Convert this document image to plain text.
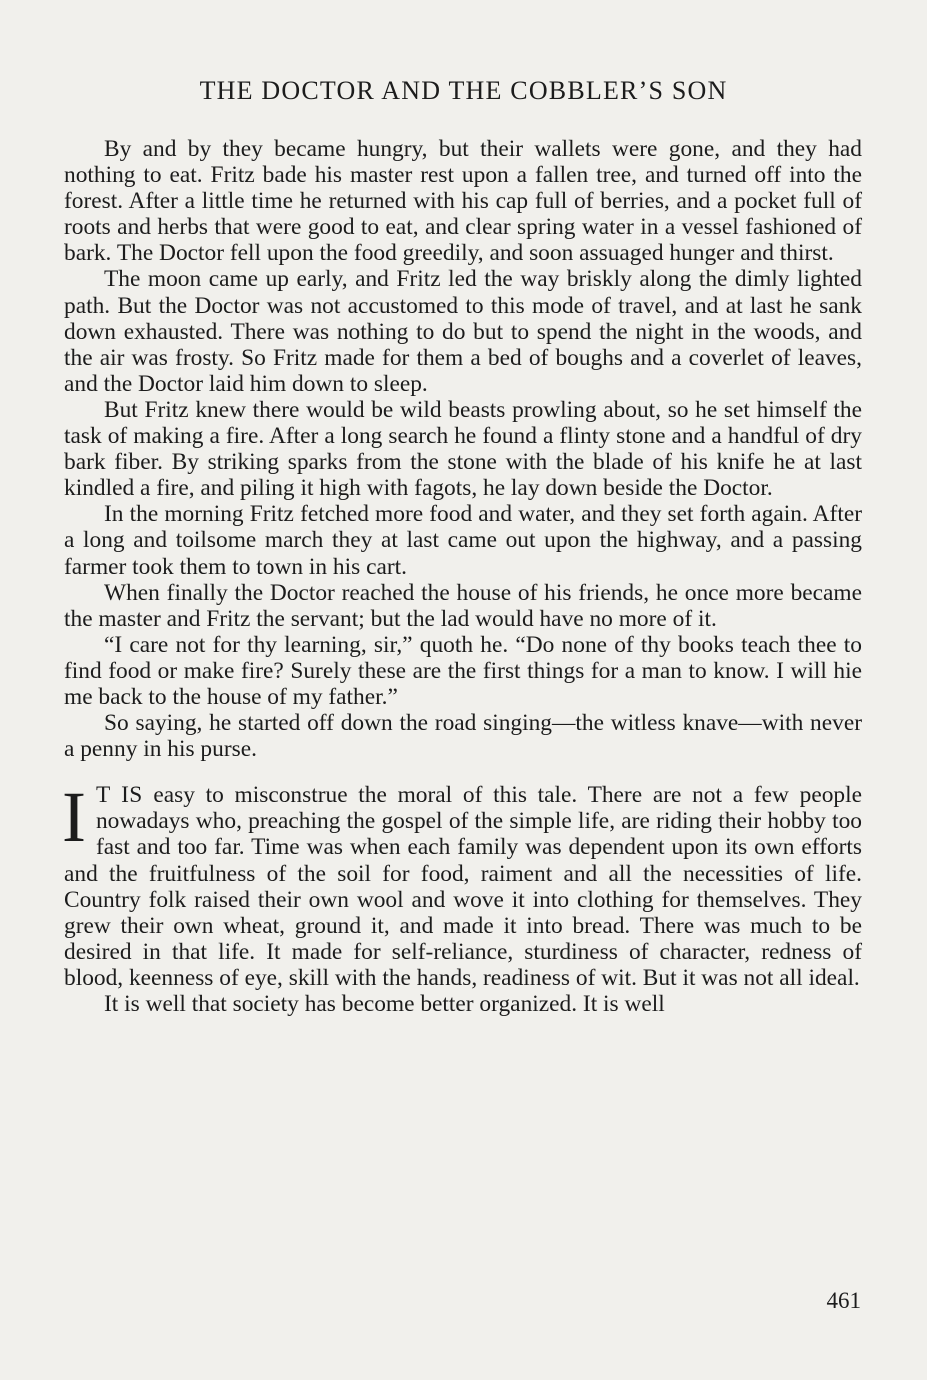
THE DOCTOR AND THE COBBLER’S SON

By and by they became hungry, but their wallets were gone, and they had nothing to eat. Fritz bade his master rest upon a fallen tree, and turned off into the forest. After a little time he returned with his cap full of berries, and a pocket full of roots and herbs that were good to eat, and clear spring water in a vessel fashioned of bark. The Doctor fell upon the food greedily, and soon assuaged hunger and thirst.

The moon came up early, and Fritz led the way briskly along the dimly lighted path. But the Doctor was not accustomed to this mode of travel, and at last he sank down exhausted. There was nothing to do but to spend the night in the woods, and the air was frosty. So Fritz made for them a bed of boughs and a coverlet of leaves, and the Doctor laid him down to sleep.

But Fritz knew there would be wild beasts prowling about, so he set himself the task of making a fire. After a long search he found a flinty stone and a handful of dry bark fiber. By striking sparks from the stone with the blade of his knife he at last kindled a fire, and piling it high with fagots, he lay down beside the Doctor.

In the morning Fritz fetched more food and water, and they set forth again. After a long and toilsome march they at last came out upon the highway, and a passing farmer took them to town in his cart.

When finally the Doctor reached the house of his friends, he once more became the master and Fritz the servant; but the lad would have no more of it.

“I care not for thy learning, sir,” quoth he. “Do none of thy books teach thee to find food or make fire? Surely these are the first things for a man to know. I will hie me back to the house of my father.”

So saying, he started off down the road singing—the witless knave—with never a penny in his purse.

I T IS easy to misconstrue the moral of this tale. There are not a few people nowadays who, preaching the gospel of the simple life, are riding their hobby too fast and too far. Time was when each family was dependent upon its own efforts and the fruitfulness of the soil for food, raiment and all the necessities of life. Country folk raised their own wool and wove it into clothing for themselves. They grew their own wheat, ground it, and made it into bread. There was much to be desired in that life. It made for self-reliance, sturdiness of character, redness of blood, keenness of eye, skill with the hands, readiness of wit. But it was not all ideal.

It is well that society has become better organized. It is well

461
